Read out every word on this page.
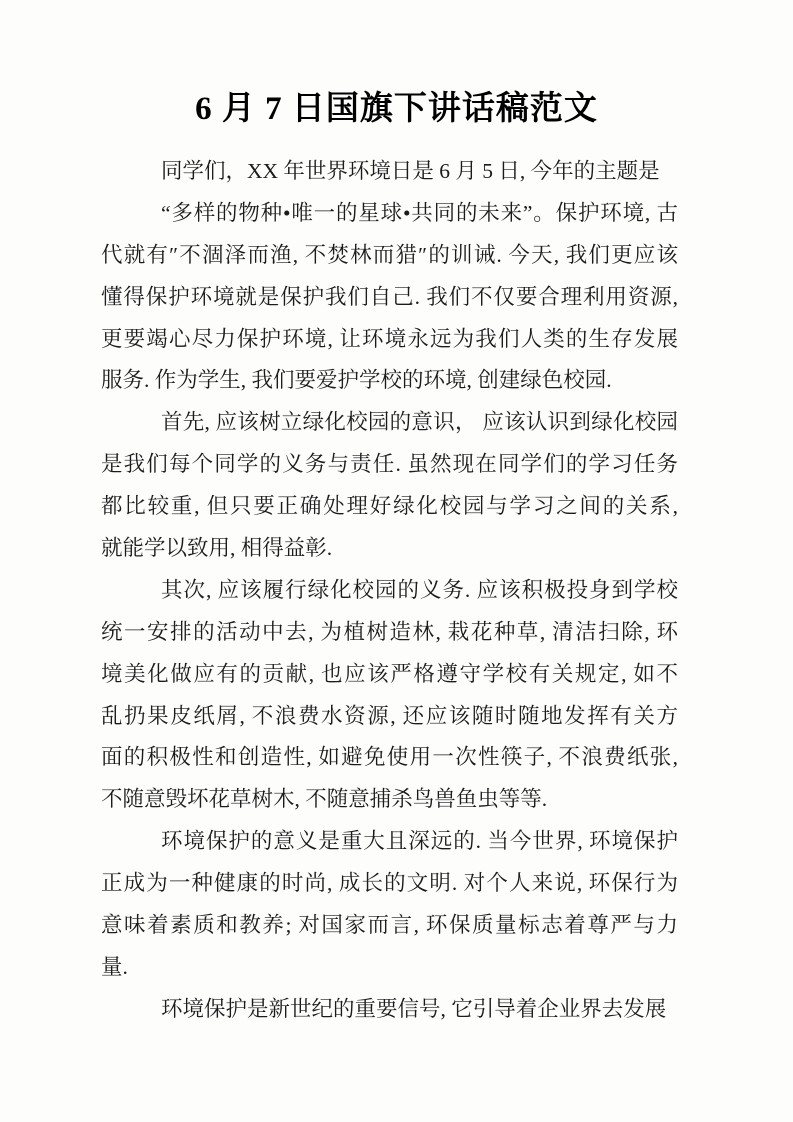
6 月 7 日国旗下讲话稿范文
同学们，XX 年世界环境日是 6 月 5 日, 今年的主题是
“多样的物种•唯一的星球•共同的未来”。保护环境, 古
代就有″不涸泽而渔, 不焚林而猎″的训诫. 今天, 我们更应该
懂得保护环境就是保护我们自己. 我们不仅要合理利用资源,
更要竭心尽力保护环境, 让环境永远为我们人类的生存发展
服务. 作为学生, 我们要爱护学校的环境, 创建绿色校园.
首先, 应该树立绿化校园的意识， 应该认识到绿化校园
是我们每个同学的义务与责任. 虽然现在同学们的学习任务
都比较重, 但只要正确处理好绿化校园与学习之间的关系,
就能学以致用, 相得益彰.
其次, 应该履行绿化校园的义务. 应该积极投身到学校
统一安排的活动中去, 为植树造林, 栽花种草, 清洁扫除, 环
境美化做应有的贡献, 也应该严格遵守学校有关规定, 如不
乱扔果皮纸屑, 不浪费水资源, 还应该随时随地发挥有关方
面的积极性和创造性, 如避免使用一次性筷子, 不浪费纸张,
不随意毁坏花草树木, 不随意捕杀鸟兽鱼虫等等.
环境保护的意义是重大且深远的. 当今世界, 环境保护
正成为一种健康的时尚, 成长的文明. 对个人来说, 环保行为
意味着素质和教养; 对国家而言, 环保质量标志着尊严与力
量.
环境保护是新世纪的重要信号, 它引导着企业界去发展
